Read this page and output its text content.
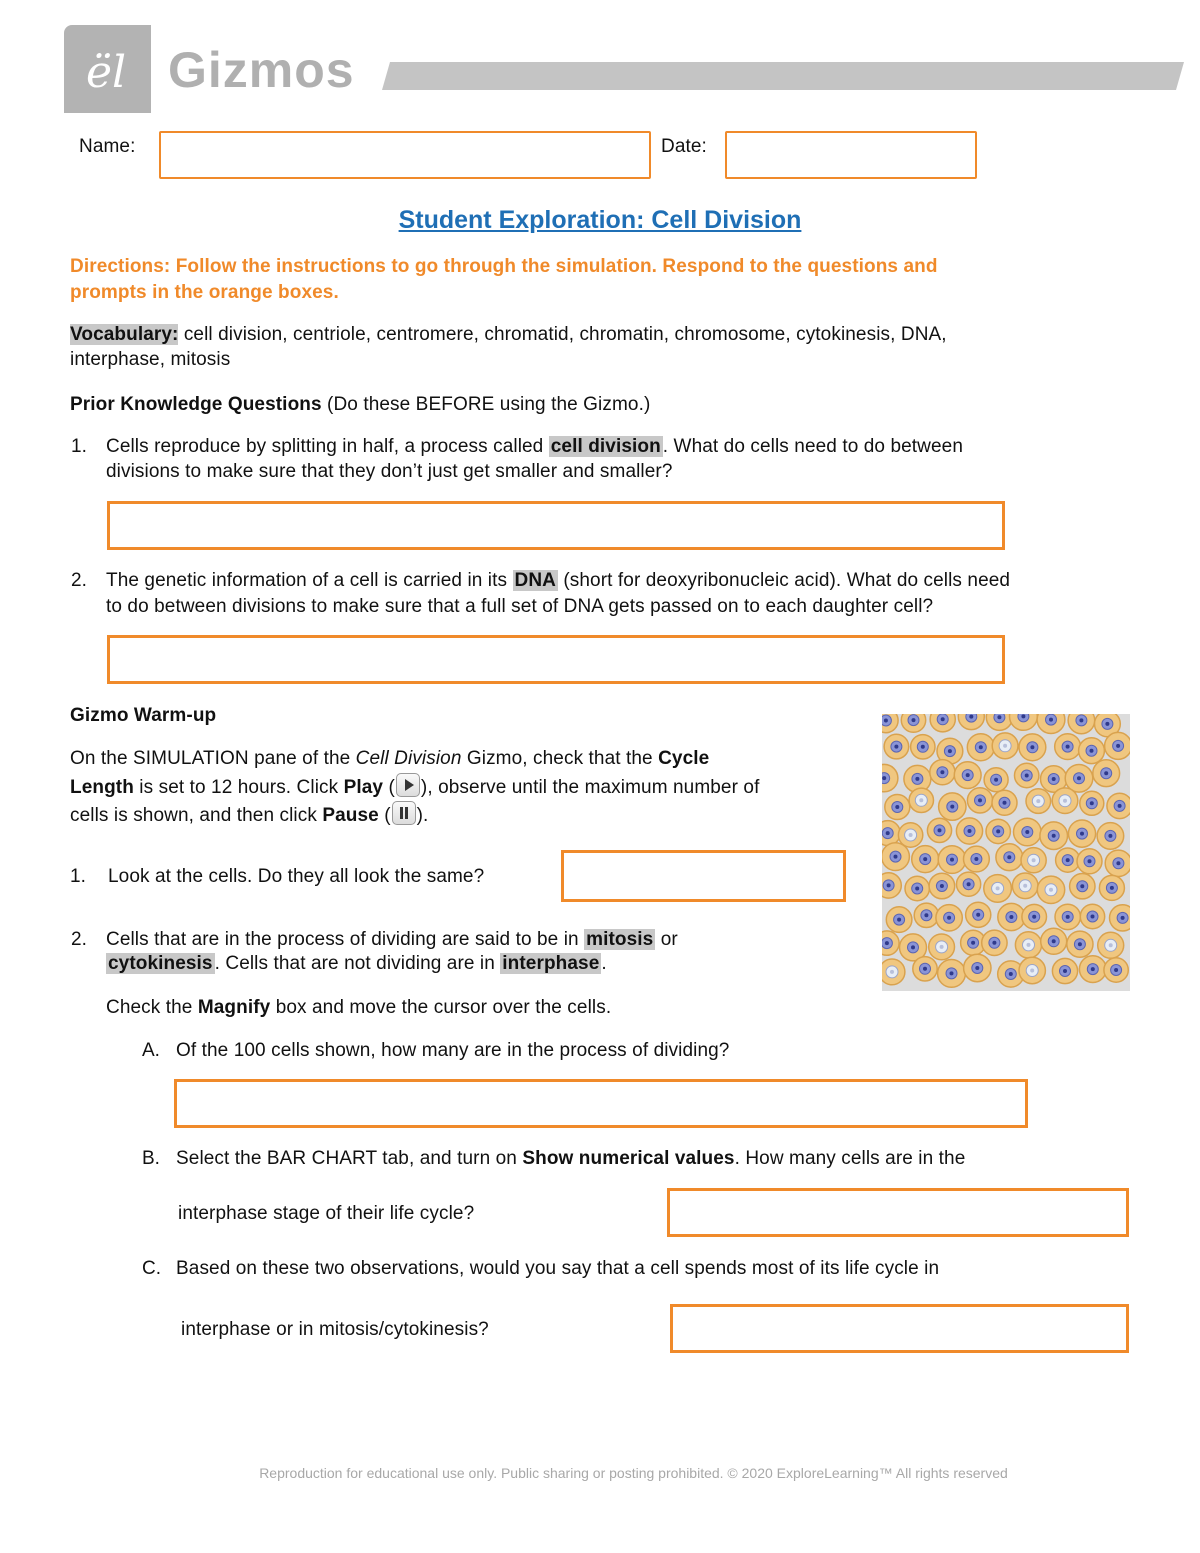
ël Gizmos
Name:	Date:
Student Exploration: Cell Division
Directions: Follow the instructions to go through the simulation. Respond to the questions and
prompts in the orange boxes.
Vocabulary: cell division, centriole, centromere, chromatid, chromatin, chromosome, cytokinesis, DNA,
interphase, mitosis
Prior Knowledge Questions (Do these BEFORE using the Gizmo.)
1. Cells reproduce by splitting in half, a process called cell division . What do cells need to do between
divisions to make sure that they don’t just get smaller and smaller?
2. The genetic information of a cell is carried in its DNA (short for deoxyribonucleic acid). What do cells need
to do between divisions to make sure that a full set of DNA gets passed on to each daughter cell?
Gizmo Warm-up
On the SIMULATION pane of the Cell Division Gizmo, check that the Cycle
Length is set to 12 hours. Click Play ( ), observe until the maximum number of
cells is shown, and then click Pause ( ).
1. Look at the cells. Do they all look the same?
2. Cells that are in the process of dividing are said to be in mitosis or
cytokinesis . Cells that are not dividing are in interphase .
Check the Magnify box and move the cursor over the cells.
A. Of the 100 cells shown, how many are in the process of dividing?
B. Select the BAR CHART tab, and turn on Show numerical values. How many cells are in the
interphase stage of their life cycle?
C. Based on these two observations, would you say that a cell spends most of its life cycle in
interphase or in mitosis/cytokinesis?
Reproduction for educational use only. Public sharing or posting prohibited. © 2020 ExploreLearning™ All rights reserved
